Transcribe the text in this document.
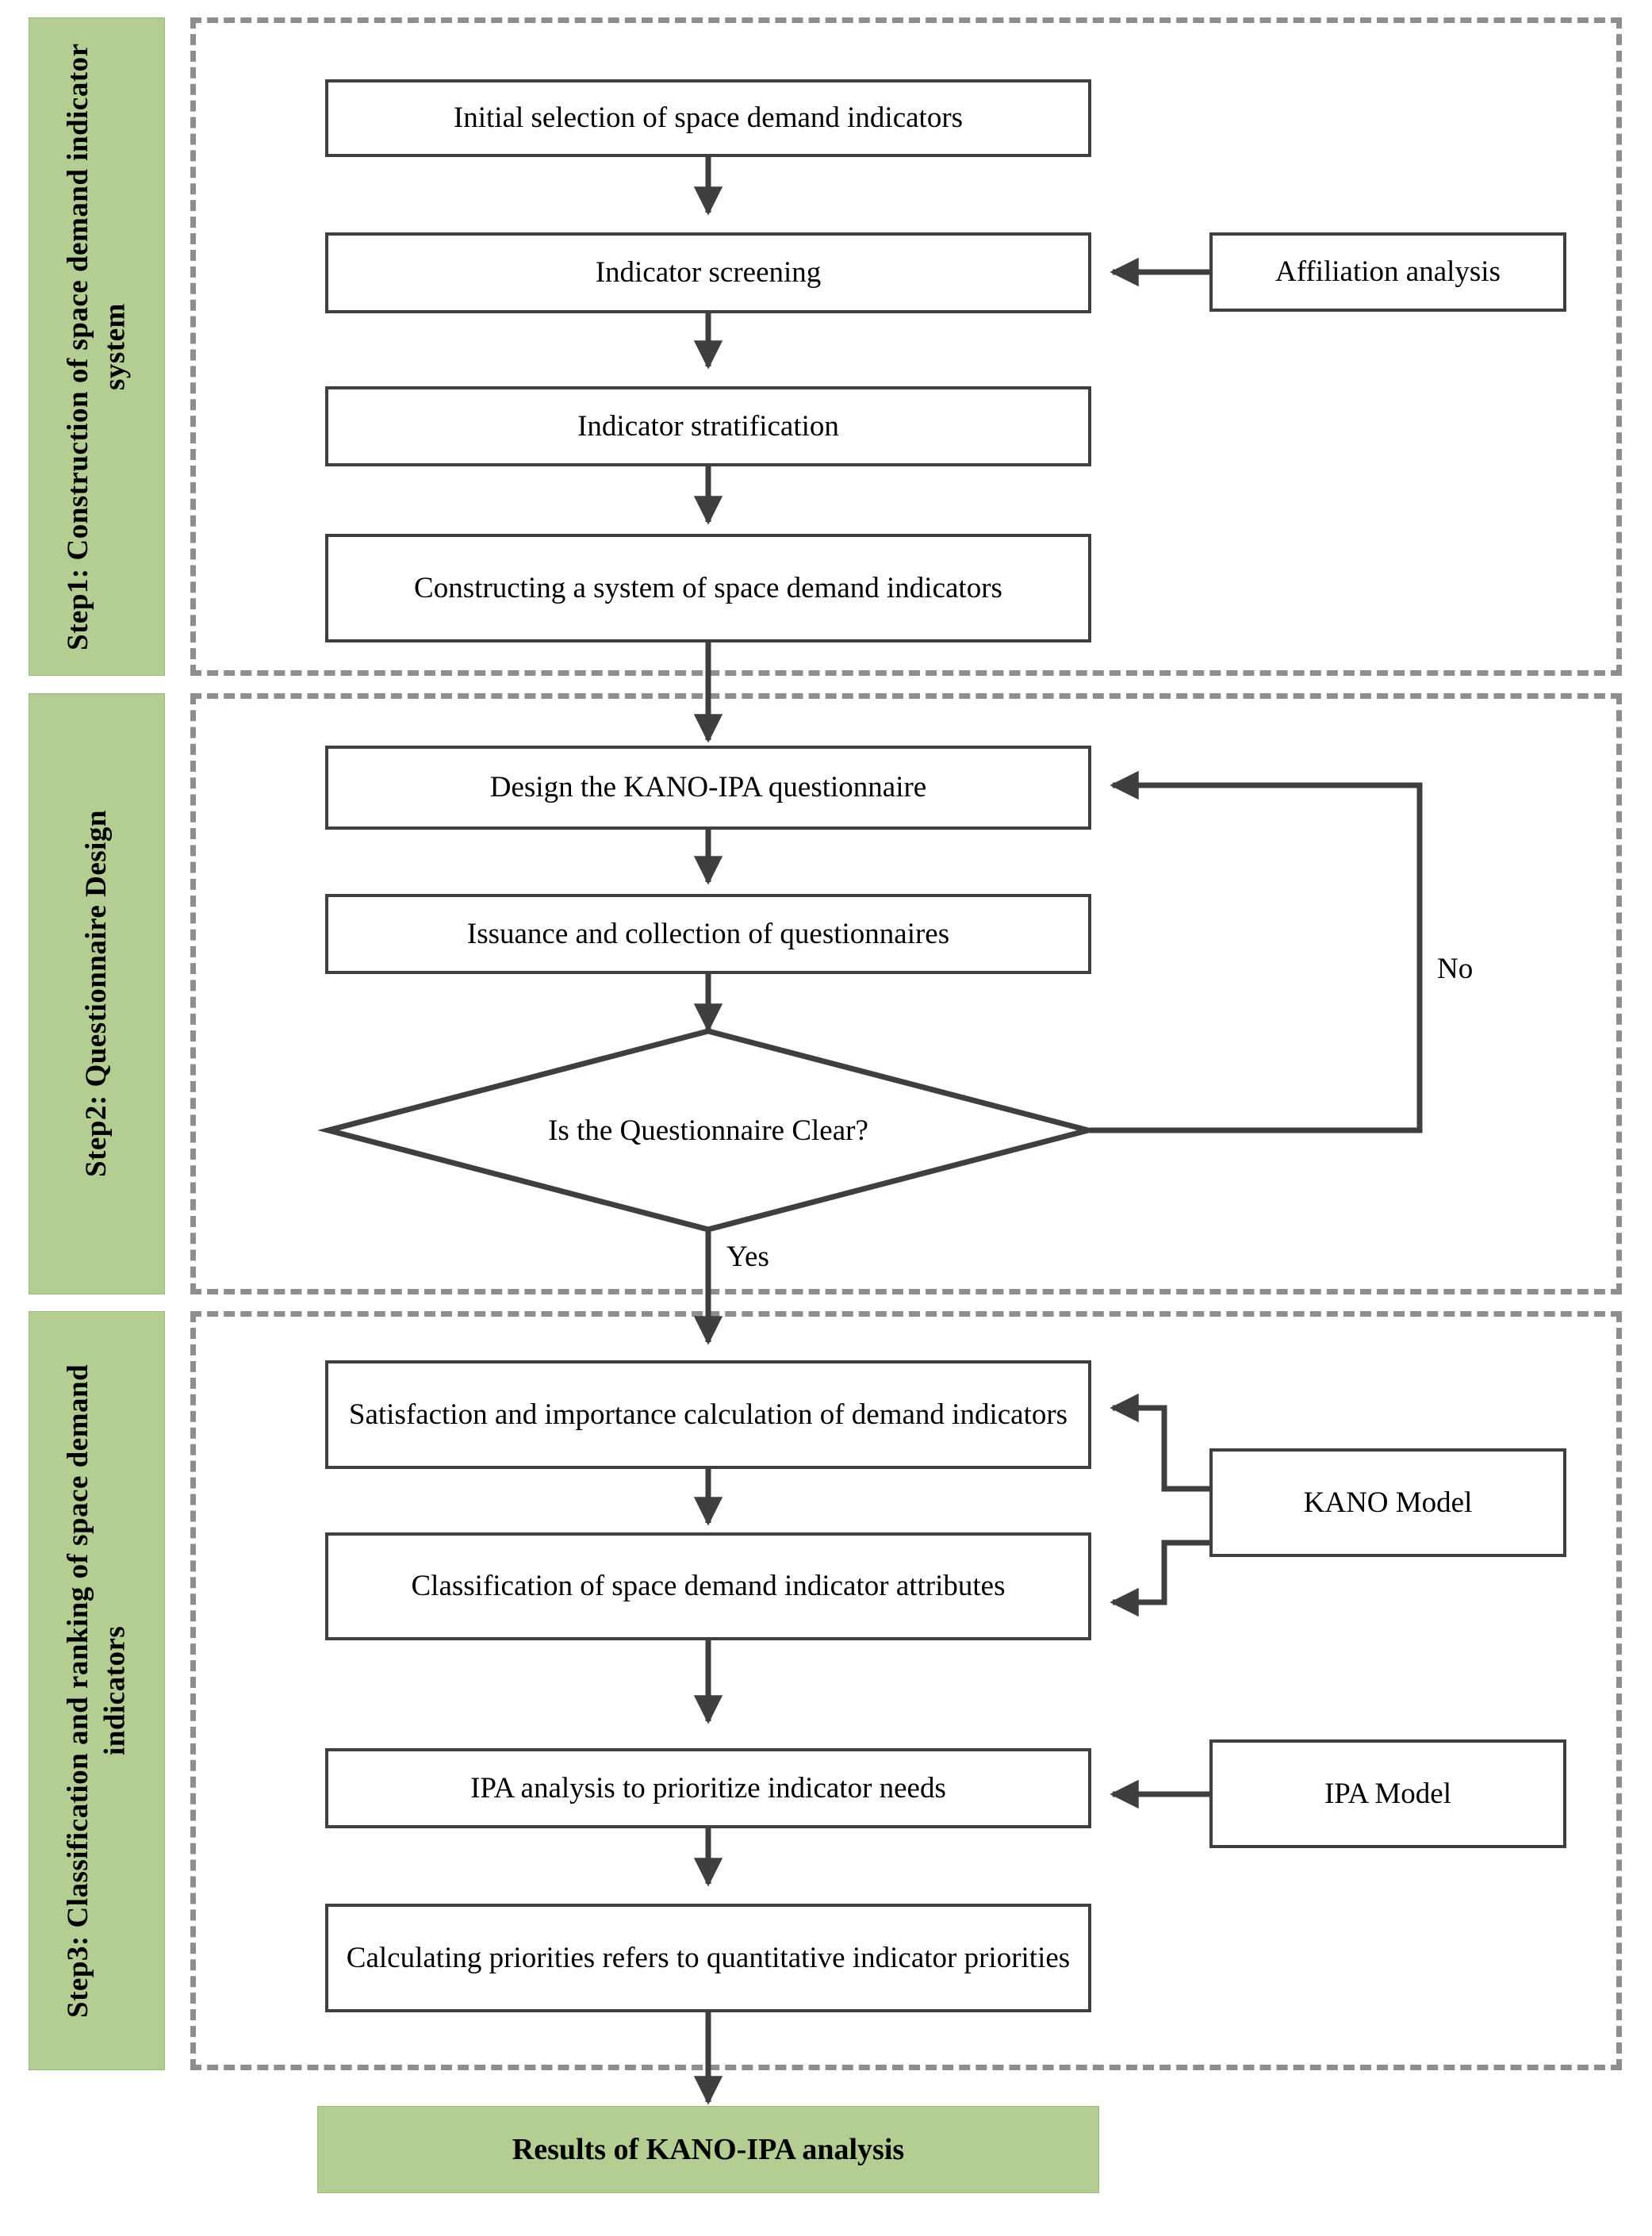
Step1: Construction of space demand indicator system
Step2: Questionnaire Design
Step3: Classification and ranking of space demand indicators
No
Yes
Initial selection of space demand indicators
Indicator screening	Affiliation analysis
Indicator stratification
Constructing a system of space demand indicators
Design the KANO-IPA questionnaire
Issuance and collection of questionnaires
Is the Questionnaire Clear?
Satisfaction and importance calculation of demand indicators
Classification of space demand indicator attributes
KANO Model
IPA analysis to prioritize indicator needs	IPA Model
Calculating priorities refers to quantitative indicator priorities
Results of KANO-IPA analysis
